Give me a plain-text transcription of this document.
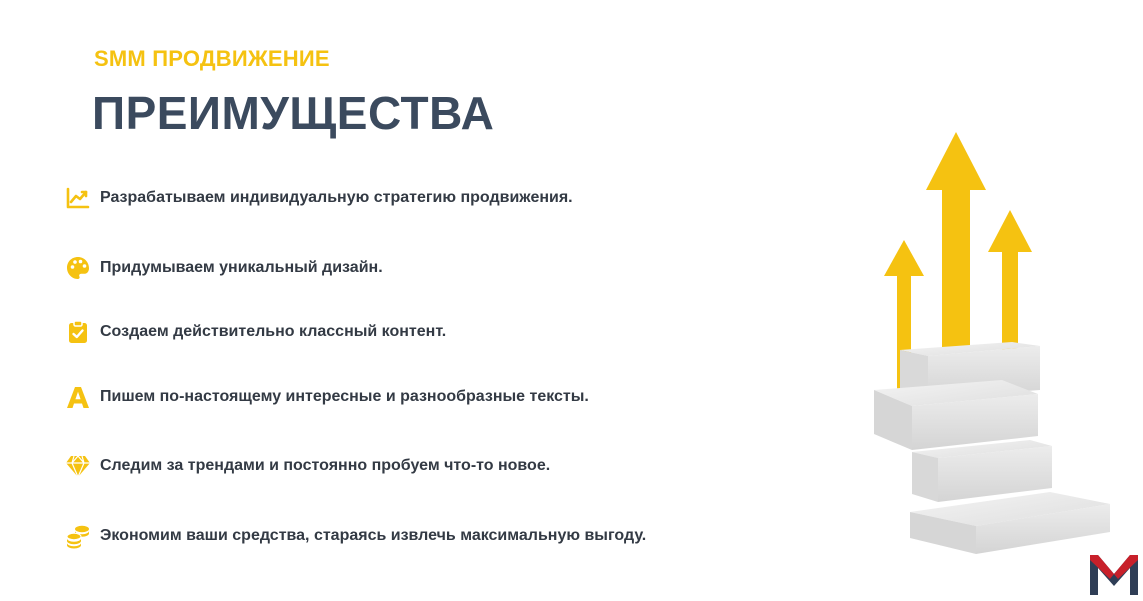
SMM ПРОДВИЖЕНИЕ
ПРЕИМУЩЕСТВА
Разрабатываем индивидуальную стратегию продвижения.
Придумываем уникальный дизайн.
Создаем действительно классный контент.
Пишем по-настоящему интересные и разнообразные тексты.
Следим за трендами и постоянно пробуем что-то новое.
Экономим ваши средства, стараясь извлечь максимальную выгоду.
